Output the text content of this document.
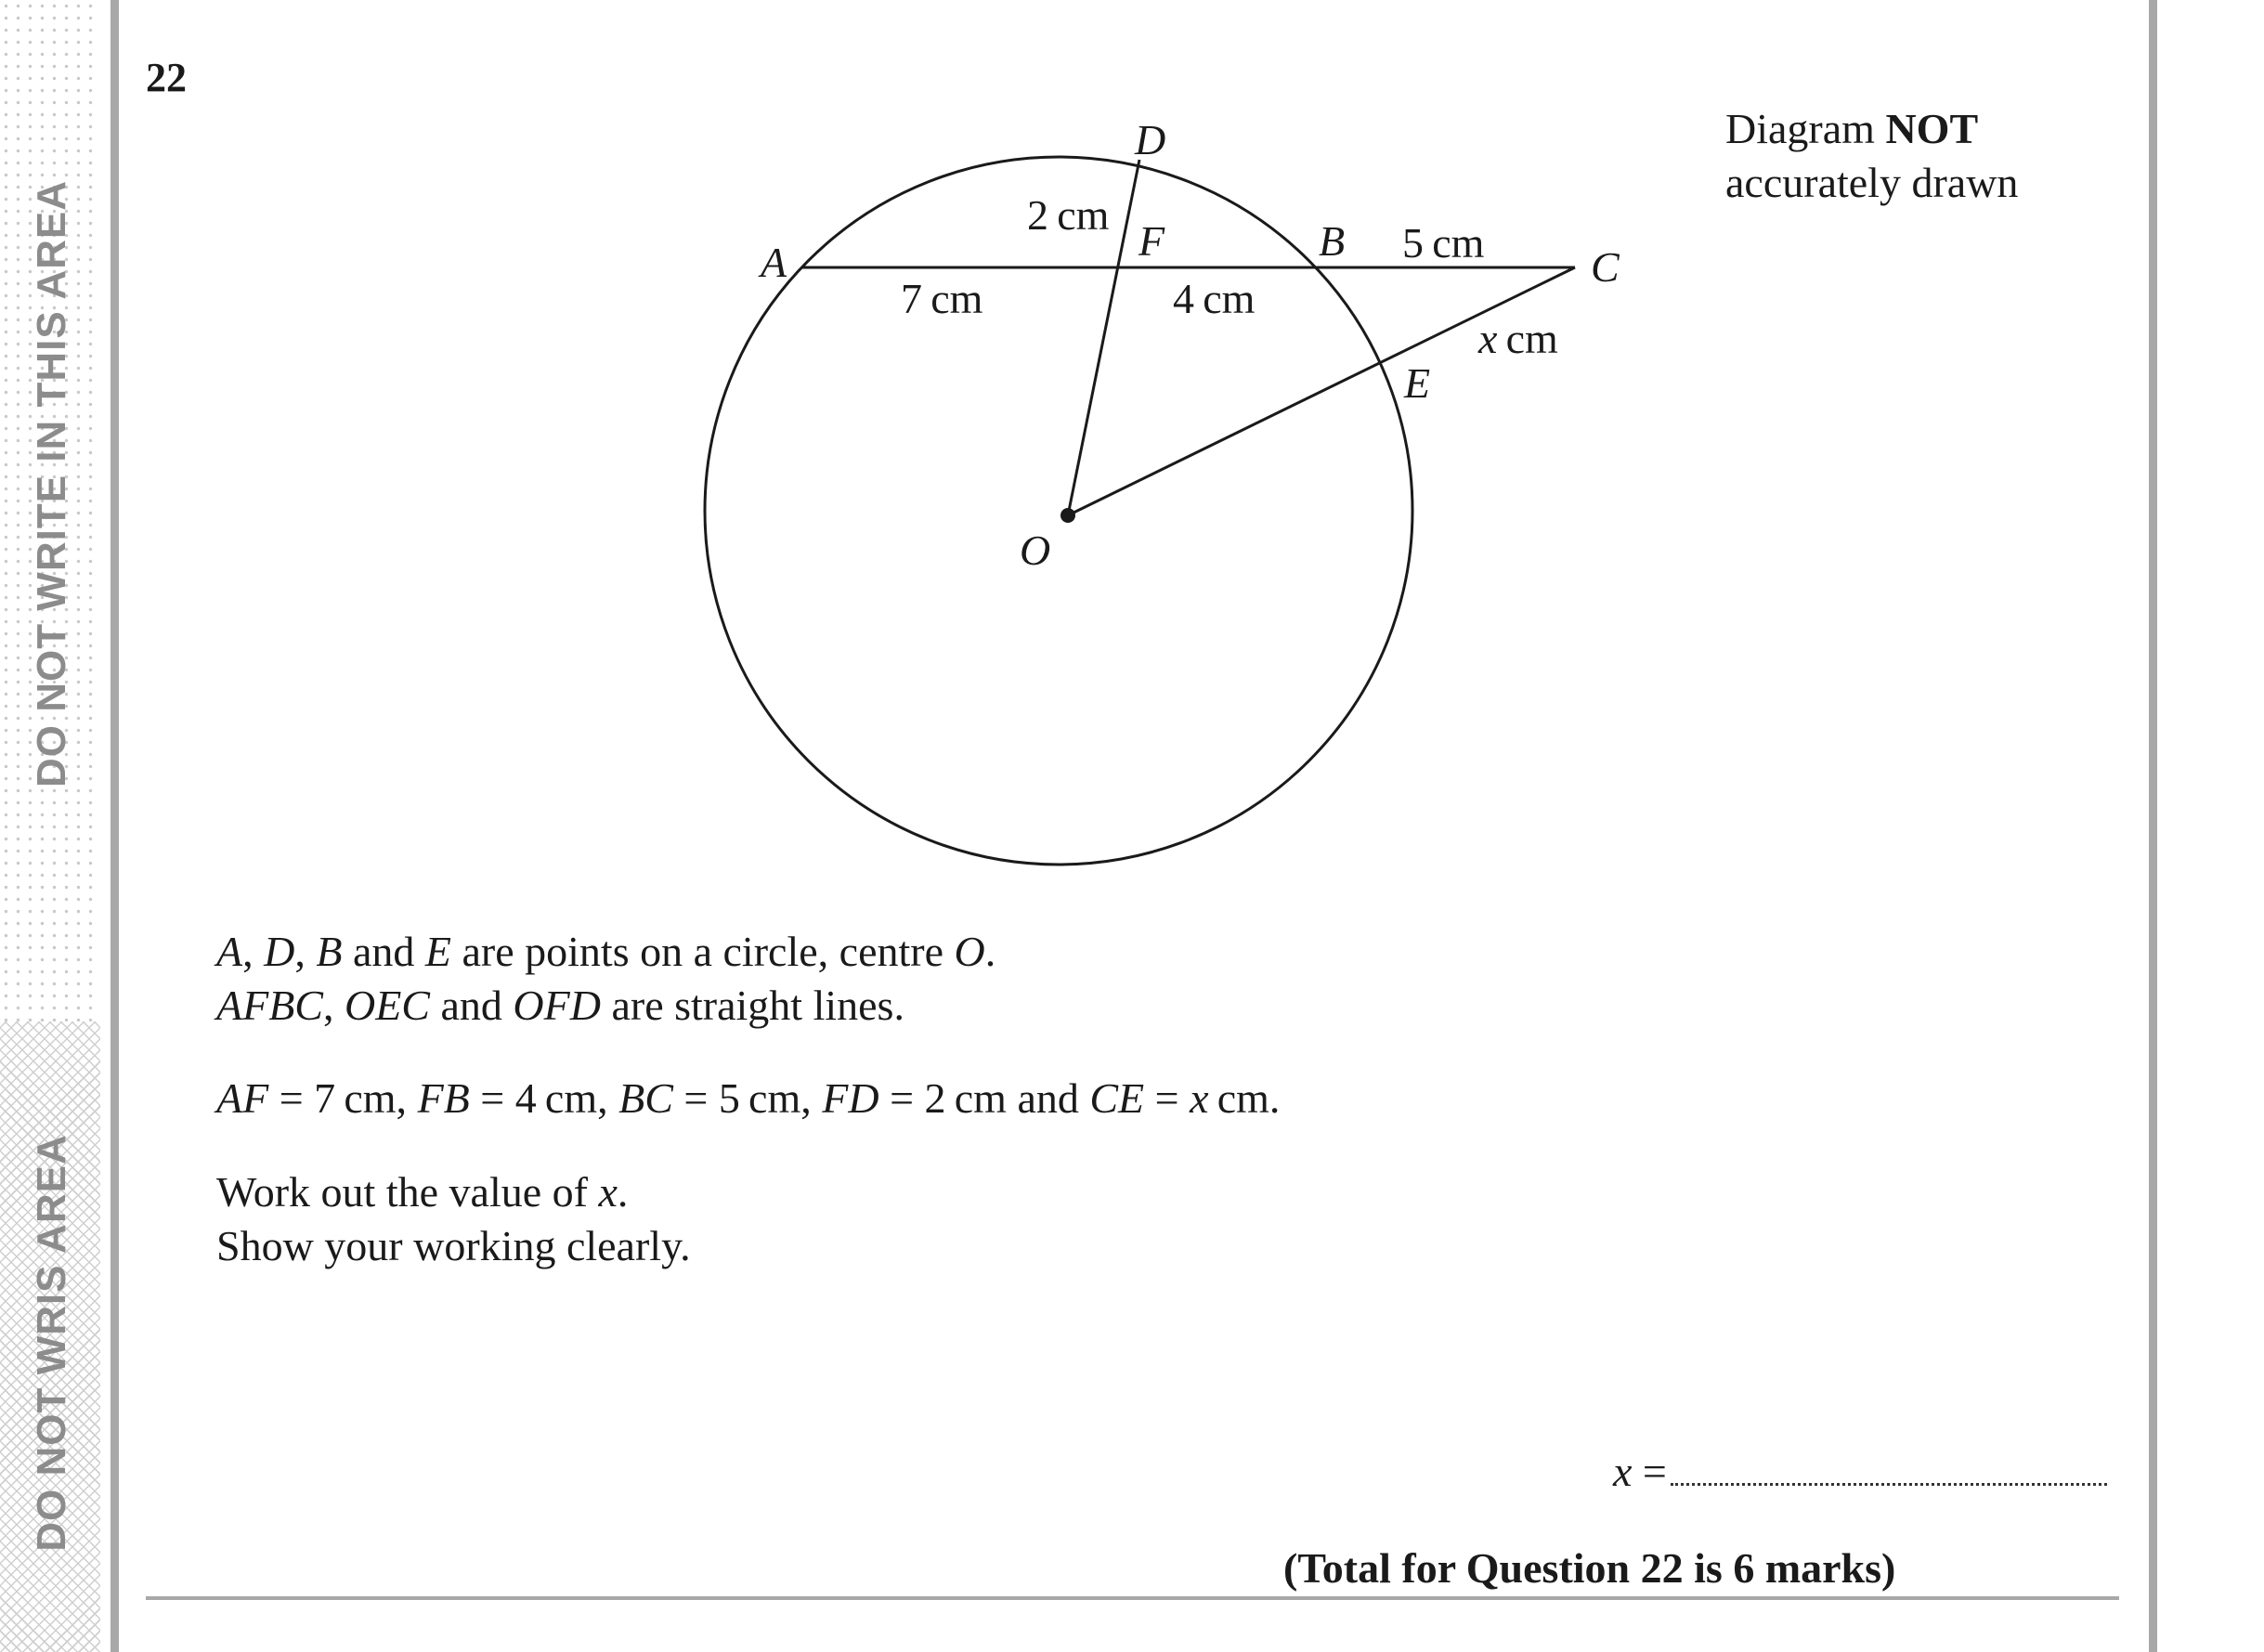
DO NOT WRITE IN THIS AREA
DO NOT WRIS AREA
22
Diagram NOT
accurately drawn
A
D
F	B
C
E
O
2 cm
7 cm	4 cm
5 cm
x cm
A, D, B and E are points on a circle, centre O.
AFBC, OEC and OFD are straight lines.
AF = 7 cm, FB = 4 cm, BC = 5 cm, FD = 2 cm and CE = x cm.
Work out the value of x.
Show your working clearly.
x =
(Total for Question 22 is 6 marks)
